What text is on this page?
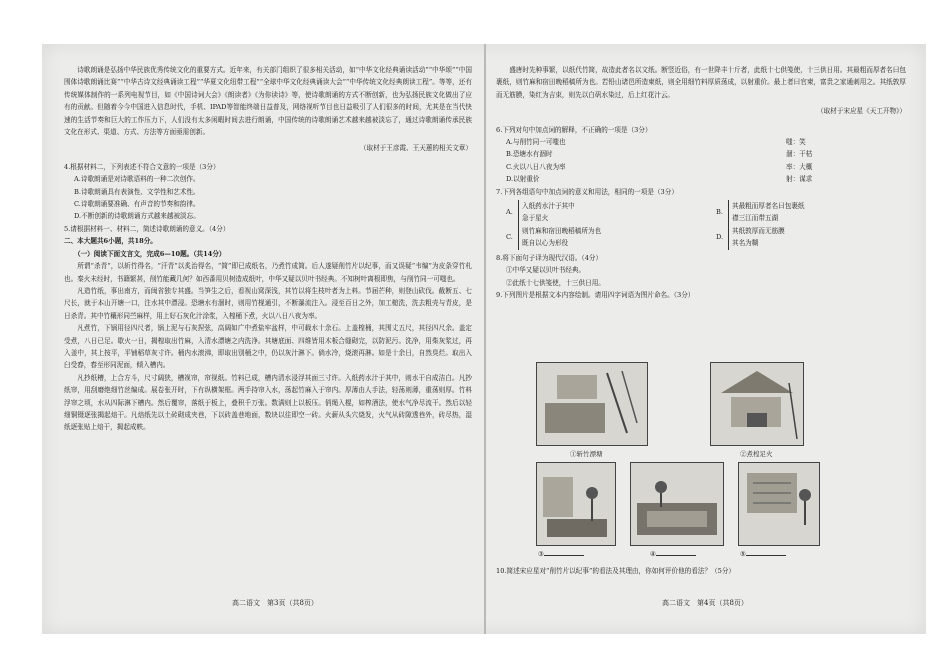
诗歌朗诵是弘扬中华民族优秀传统文化的重要方式。近年来，有关部门组织了很多相关活动，如“中华文化经典诵读活动”“中华颂”“中国围体诗歌朗诵比赛”“中华古诗文经典诵读工程”“华夏文化纽带工程”“全球中华文化经典诵读大会”“中华传统文化经典朗读工程”。等等，还有传统媒体制作的一系列电视节目，如《中国诗词大会》《朗读者》《为你读诗》等，使诗歌朗诵的方式不断创新，也为弘扬民族文化做出了应有的贡献。但随着今今中国进入信息时代，手机、IPAD等智能终端日益普及，网络视听节目也日益吸引了人们很多的时间，尤其是在当代快速的生活节奏和巨大的工作压力下，人们没有太多闲暇时间去进行朗诵，中国传统的诗歌朗诵艺术越来越被淡忘了，通过诗歌朗诵传承民族文化在形式、渠道、方式、方法等方面亟需创新。

（取材于王彦霞、王天蕙的相关文章）

4.根据材料二，下列表述不符合文意的一项是（3分）

A.诗歌朗诵是对诗歌语料的一种二次创作。

B.诗歌朗诵具有表演性、文学性和艺术性。

C.诗歌朗诵要准确、有声音的节奏和韵律。

D.不断创新的诗歌朗诵方式越来越被淡忘。

5.请根据材料一、材料二，简述诗歌朗诵的意义。（4分）

二、本大题共6小题，共18分。

（一）阅读下面文言文，完成6—10题。（共14分）

所谓“杀青”，以斩竹得名，“汗青”以炙治得名，“简”即已成纸名，乃煮竹成简。后人遂疑削竹片以纪事，而又误疑“韦编”为皮条穿竹札也。秦火未经时，书籍繁甚，削竹能藏几何？如西番用贝树造成纸叶，中华又疑以贝叶书经典。不知树叶离根即焦，与削竹同一可嗤也。

凡造竹纸，事出南方，而闽省独专其盛。当笋生之后，看视山窝深浅，其竹以将生枝叶者为上料。节届芒种，则登山砍伐。截断五、七尺长，就于本山开塘一口，注水其中漂浸。恐塘水有涸时，则用竹枧通引，不断瀑流注入。浸至百日之外，加工槌洗，洗去粗壳与青皮，是日杀青。其中竹穰形同苎麻样，用上好石灰化汁涂浆，入楻桶下煮，火以八日八夜为率。

凡煮竹，下锅用径四尺者，锅上泥与石灰捏弦，高阔如广中煮盐牢盆样，中可载水十余石。上盖楻桶，其围丈五尺，其径四尺余。盖定受煮，八日已足。歇火一日，揭楻取出竹麻，入清水漂塘之内洗净。其塘底面、四维皆用木板合缝砌完，以防泥污。洗净，用柴灰浆过，再入釜中，其上按平，平铺稻草灰寸许。桶内水滚沸，即取出别桶之中，仍以灰汁淋下。倘水冷，烧滚再淋。如是十余日，自然臭烂。取出入臼受舂，舂至形同泥面，倾入槽内。

凡抄纸槽，上合方斗，尺寸阔狭，槽视帘，帘视纸。竹料已成，槽内清水浸浮其面三寸许。入纸药水汁于其中，则水干自成洁白。凡抄纸帘，用刮磨绝细竹丝编成。展卷张开时，下有纵横架框。两手持帘入水，荡起竹麻入于帘内。厚薄由人手法，轻荡则薄，重荡则厚。竹料浮帘之顷，水从四际淋下槽内。然后覆帘，落纸于板上，叠积千万张。数满则上以板压。俏绳入棍，如榨酒法，使水气净尽流干。然后以轻细铜镊逐张揭起焙干。凡焙纸先以土砖砌成夹巷，下以砖盖巷地面，数块以往即空一砖。火薪从头穴烧发，火气从砖隙透巷外，砖尽热，湿纸逐张贴上焙干，揭起成帙。

高二语文　第3页（共8页）

盛唐时先种事繁，以纸代竹简，故造此者名以文纸。断竖近俗，有一世降丰十斤者，此纸十七供笺使，十三供日用。其最粗而厚者名曰包裹纸，则竹麻和宿田晚稻稿所为也。若铅山诸邑所造柬纸，则全用细竹料厚质荡成，以射重价。最上者曰官柬，富贵之家通刺用之。其纸敦厚而无筋膜，染红为吉束，则先以白矾水染过，后上红花汁云。

（取材于宋应星《天工开物》）

6.下列对句中加点词的解释，不正确的一项是（3分）

A.与削竹同一可嗤也	嗤：笑
B.恐塘水有涸时	涸：干枯
C.火以八日八夜为率	率：大概
D.以射重价	射：谋求

7.下列各组语句中加点词的意义和用法，相同的一项是（3分）

A.
入纸药水汁于其中
急于星火
B.
其最粗而厚者名曰包裹纸
襟三江而带五湖
C.
则竹麻和宿田晚稻稿所为也
既自以心为形役
D.
其纸敦厚而无筋膜
其名为糊

8.将下面句子译为现代汉语。（4分）

①中华又疑以贝叶书经典。

②此纸十七供笺使，十三供日用。

9.下列图片是根据文本内容绘制。请用四字词语为图片命名。（3分）

①斩竹漂塘	②煮楻足火
③	④	⑤

10.简述宋应星对“削竹片以纪事”的看法及其理由，你如何评价他的看法？（5分）

高二语文　第4页（共8页）
